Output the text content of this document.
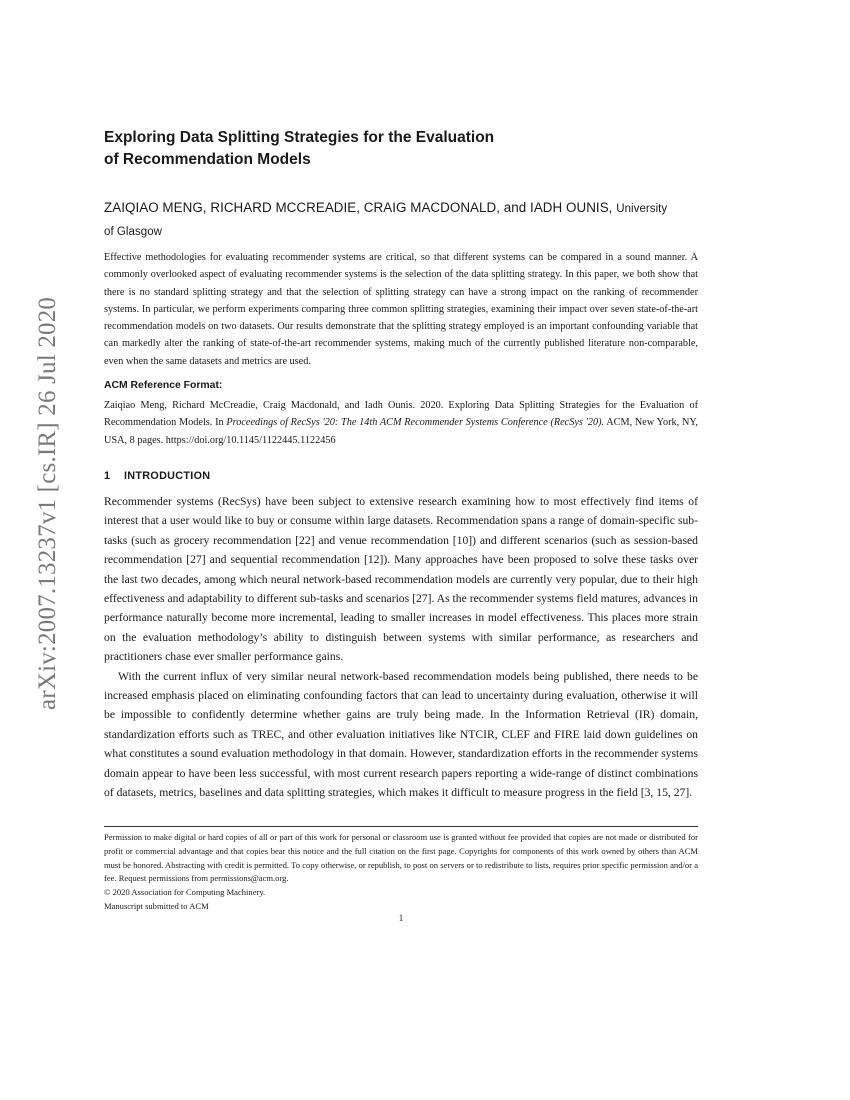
arXiv:2007.13237v1 [cs.IR] 26 Jul 2020
Exploring Data Splitting Strategies for the Evaluation
of Recommendation Models

ZAIQIAO MENG, RICHARD MCCREADIE, CRAIG MACDONALD, and IADH OUNIS, University
of Glasgow

Effective methodologies for evaluating recommender systems are critical, so that different systems can be compared in a sound manner. A commonly overlooked aspect of evaluating recommender systems is the selection of the data splitting strategy. In this paper, we both show that there is no standard splitting strategy and that the selection of splitting strategy can have a strong impact on the ranking of recommender systems. In particular, we perform experiments comparing three common splitting strategies, examining their impact over seven state-of-the-art recommendation models on two datasets. Our results demonstrate that the splitting strategy employed is an important confounding variable that can markedly alter the ranking of state-of-the-art recommender systems, making much of the currently published literature non-comparable, even when the same datasets and metrics are used.

ACM Reference Format:

Zaiqiao Meng, Richard McCreadie, Craig Macdonald, and Iadh Ounis. 2020. Exploring Data Splitting Strategies for the Evaluation of Recommendation Models. In Proceedings of RecSys '20: The 14th ACM Recommender Systems Conference (RecSys '20). ACM, New York, NY, USA, 8 pages. https://doi.org/10.1145/1122445.1122456

1 INTRODUCTION

Recommender systems (RecSys) have been subject to extensive research examining how to most effectively find items of interest that a user would like to buy or consume within large datasets. Recommendation spans a range of domain-specific sub-tasks (such as grocery recommendation [22] and venue recommendation [10]) and different scenarios (such as session-based recommendation [27] and sequential recommendation [12]). Many approaches have been proposed to solve these tasks over the last two decades, among which neural network-based recommendation models are currently very popular, due to their high effectiveness and adaptability to different sub-tasks and scenarios [27]. As the recommender systems field matures, advances in performance naturally become more incremental, leading to smaller increases in model effectiveness. This places more strain on the evaluation methodology’s ability to distinguish between systems with similar performance, as researchers and practitioners chase ever smaller performance gains.

With the current influx of very similar neural network-based recommendation models being published, there needs to be increased emphasis placed on eliminating confounding factors that can lead to uncertainty during evaluation, otherwise it will be impossible to confidently determine whether gains are truly being made. In the Information Retrieval (IR) domain, standardization efforts such as TREC, and other evaluation initiatives like NTCIR, CLEF and FIRE laid down guidelines on what constitutes a sound evaluation methodology in that domain. However, standardization efforts in the recommender systems domain appear to have been less successful, with most current research papers reporting a wide-range of distinct combinations of datasets, metrics, baselines and data splitting strategies, which makes it difficult to measure progress in the field [3, 15, 27].

Permission to make digital or hard copies of all or part of this work for personal or classroom use is granted without fee provided that copies are not made or distributed for profit or commercial advantage and that copies bear this notice and the full citation on the first page. Copyrights for components of this work owned by others than ACM must be honored. Abstracting with credit is permitted. To copy otherwise, or republish, to post on servers or to redistribute to lists, requires prior specific permission and/or a fee. Request permissions from permissions@acm.org.
© 2020 Association for Computing Machinery.
Manuscript submitted to ACM
1
